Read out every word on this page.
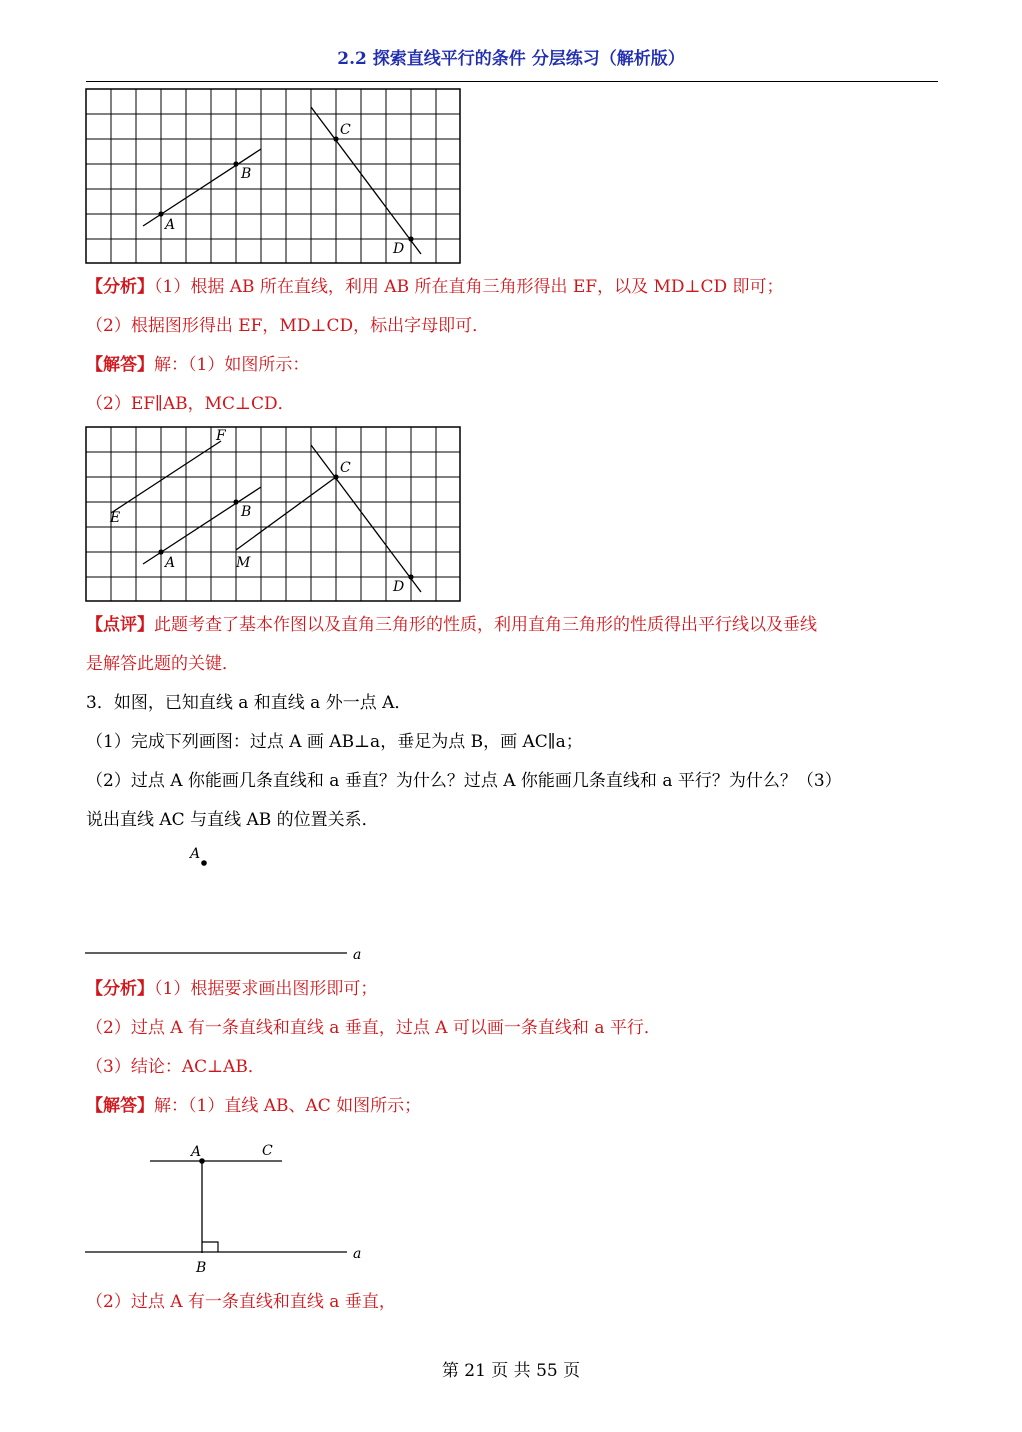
2.2 探索直线平行的条件 分层练习（解析版）
A
B
C
D
【分析】（1）根据 AB 所在直线，利用 AB 所在直角三角形得出 EF，以及 MD⊥CD 即可；
（2）根据图形得出 EF，MD⊥CD，标出字母即可．
【解答】解：（1）如图所示：
（2）EF∥AB，MC⊥CD．
E
F
A
B
M
C
D
【点评】此题考查了基本作图以及直角三角形的性质，利用直角三角形的性质得出平行线以及垂线
是解答此题的关键．
3．如图，已知直线 a 和直线 a 外一点 A．
（1）完成下列画图：过点 A 画 AB⊥a，垂足为点 B，画 AC∥a；
（2）过点 A 你能画几条直线和 a 垂直？为什么？过点 A 你能画几条直线和 a 平行？为什么？（3）
说出直线 AC 与直线 AB 的位置关系．
A
a
【分析】（1）根据要求画出图形即可；
（2）过点 A 有一条直线和直线 a 垂直，过点 A 可以画一条直线和 a 平行．
（3）结论：AC⊥AB．
【解答】解：（1）直线 AB、AC 如图所示；
A	C
B
a
（2）过点 A 有一条直线和直线 a 垂直，
第 21 页 共 55 页
